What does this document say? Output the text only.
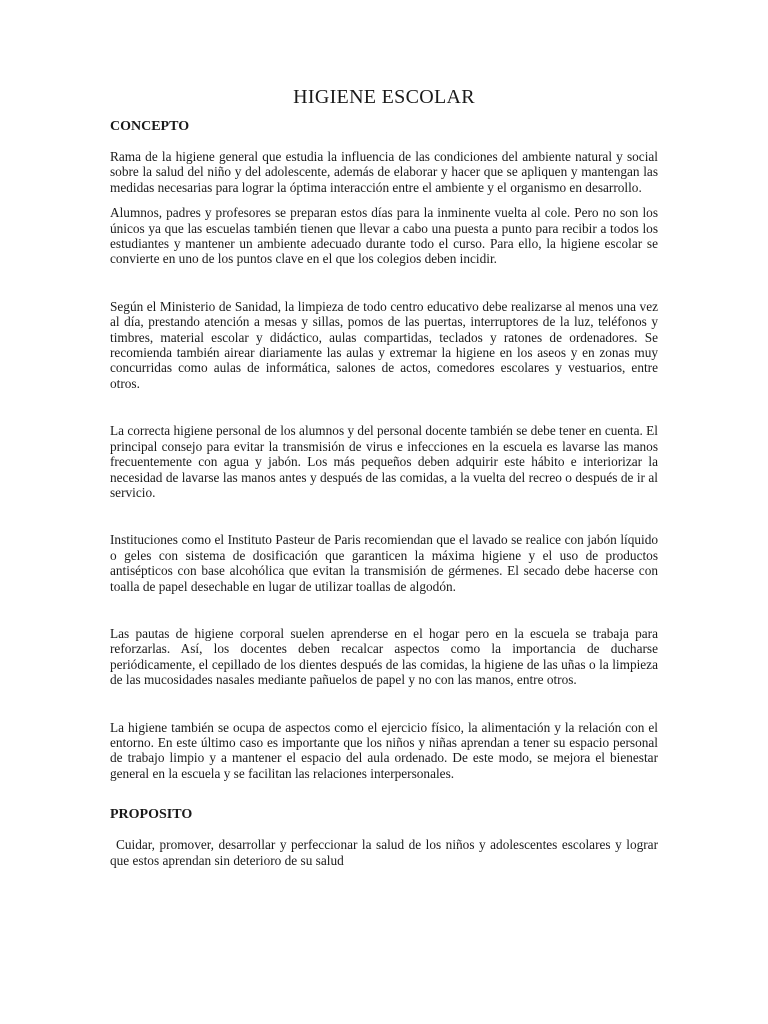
HIGIENE ESCOLAR
CONCEPTO

Rama de la higiene general que estudia la influencia de las condiciones del ambiente natural y social sobre la salud del niño y del adolescente, además de elaborar y hacer que se apliquen y mantengan las medidas necesarias para lograr la óptima interacción entre el ambiente y el organismo en desarrollo.

Alumnos, padres y profesores se preparan estos días para la inminente vuelta al cole. Pero no son los únicos ya que las escuelas también tienen que llevar a cabo una puesta a punto para recibir a todos los estudiantes y mantener un ambiente adecuado durante todo el curso. Para ello, la higiene escolar se convierte en uno de los puntos clave en el que los colegios deben incidir.

Según el Ministerio de Sanidad, la limpieza de todo centro educativo debe realizarse al menos una vez al día, prestando atención a mesas y sillas, pomos de las puertas, interruptores de la luz, teléfonos y timbres, material escolar y didáctico, aulas compartidas, teclados y ratones de ordenadores. Se recomienda también airear diariamente las aulas y extremar la higiene en los aseos y en zonas muy concurridas como aulas de informática, salones de actos, comedores escolares y vestuarios, entre otros.

La correcta higiene personal de los alumnos y del personal docente también se debe tener en cuenta. El principal consejo para evitar la transmisión de virus e infecciones en la escuela es lavarse las manos frecuentemente con agua y jabón. Los más pequeños deben adquirir este hábito e interiorizar la necesidad de lavarse las manos antes y después de las comidas, a la vuelta del recreo o después de ir al servicio.

Instituciones como el Instituto Pasteur de Paris recomiendan que el lavado se realice con jabón líquido o geles con sistema de dosificación que garanticen la máxima higiene y el uso de productos antisépticos con base alcohólica que evitan la transmisión de gérmenes. El secado debe hacerse con toalla de papel desechable en lugar de utilizar toallas de algodón.

Las pautas de higiene corporal suelen aprenderse en el hogar pero en la escuela se trabaja para reforzarlas. Así, los docentes deben recalcar aspectos como la importancia de ducharse periódicamente, el cepillado de los dientes después de las comidas, la higiene de las uñas o la limpieza de las mucosidades nasales mediante pañuelos de papel y no con las manos, entre otros.

La higiene también se ocupa de aspectos como el ejercicio físico, la alimentación y la relación con el entorno. En este último caso es importante que los niños y niñas aprendan a tener su espacio personal de trabajo limpio y a mantener el espacio del aula ordenado. De este modo, se mejora el bienestar general en la escuela y se facilitan las relaciones interpersonales.

PROPOSITO

Cuidar, promover, desarrollar y perfeccionar la salud de los niños y adolescentes escolares y lograr que estos aprendan sin deterioro de su salud
